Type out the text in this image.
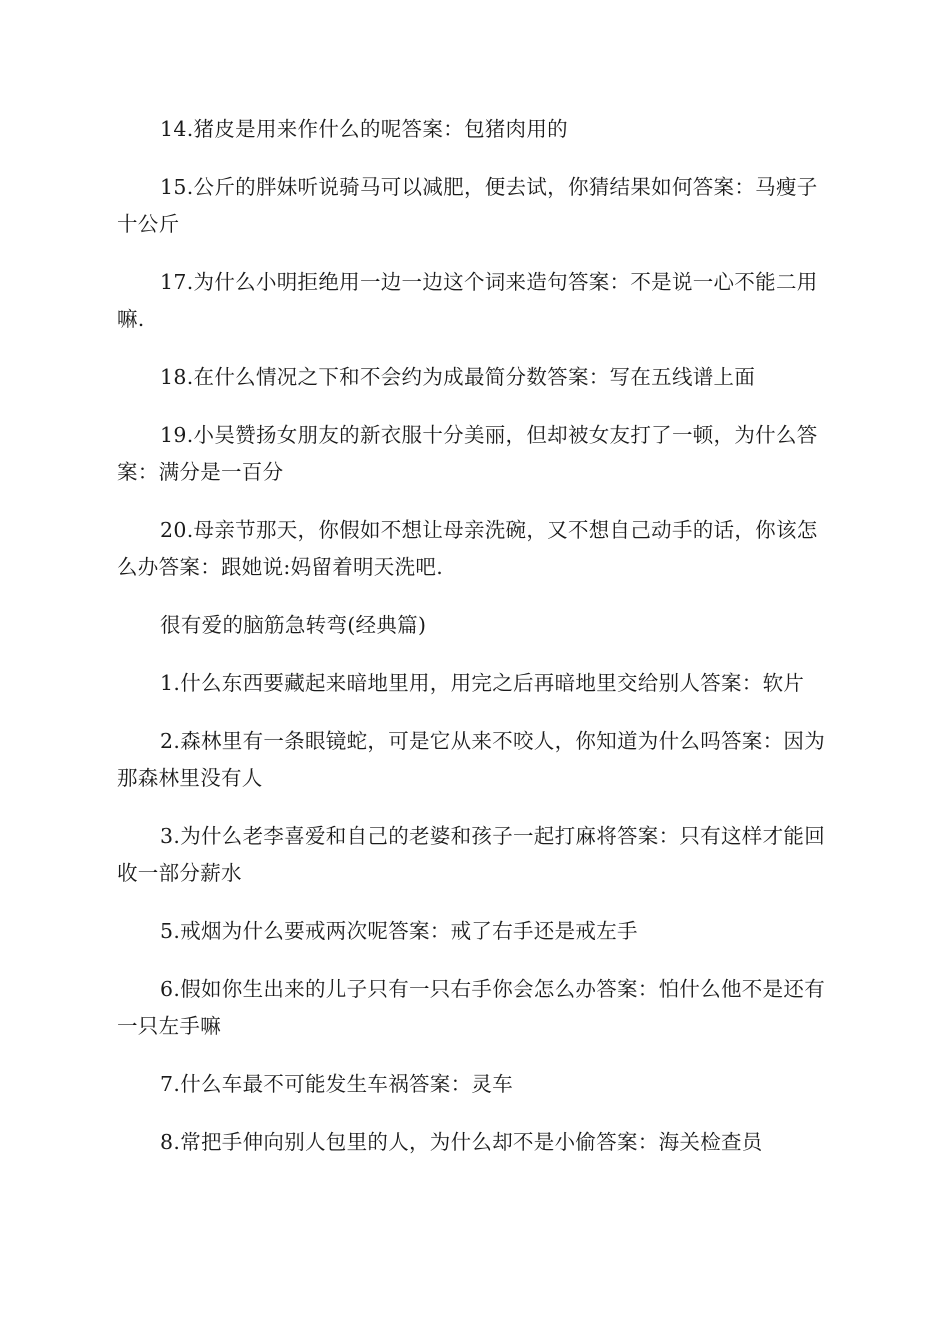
14.猪皮是用来作什么的呢答案：包猪肉用的

15.公斤的胖妹听说骑马可以减肥，便去试，你猜结果如何答案：马瘦子十公斤

17.为什么小明拒绝用一边一边这个词来造句答案：不是说一心不能二用嘛.

18.在什么情况之下和不会约为成最简分数答案：写在五线谱上面

19.小吴赞扬女朋友的新衣服十分美丽，但却被女友打了一顿，为什么答案：满分是一百分

20.母亲节那天，你假如不想让母亲洗碗，又不想自己动手的话，你该怎么办答案：跟她说:妈留着明天洗吧.

很有爱的脑筋急转弯(经典篇)

1.什么东西要藏起来暗地里用，用完之后再暗地里交给别人答案：软片

2.森林里有一条眼镜蛇，可是它从来不咬人，你知道为什么吗答案：因为那森林里没有人

3.为什么老李喜爱和自己的老婆和孩子一起打麻将答案：只有这样才能回收一部分薪水

5.戒烟为什么要戒两次呢答案：戒了右手还是戒左手

6.假如你生出来的儿子只有一只右手你会怎么办答案：怕什么他不是还有一只左手嘛

7.什么车最不可能发生车祸答案：灵车

8.常把手伸向别人包里的人，为什么却不是小偷答案：海关检查员
